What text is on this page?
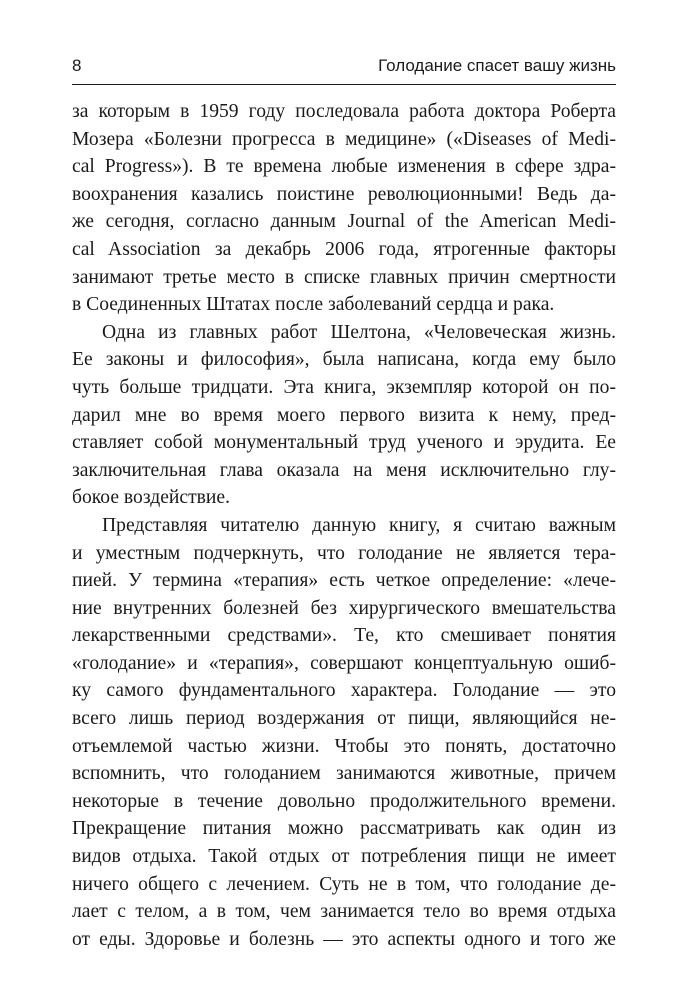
8	Голодание спасет вашу жизнь
за которым в 1959 году последовала работа доктора Роберта
Мозера «Болезни прогресса в медицине» («Diseases of Medi-
cal Progress»). В те времена любые изменения в сфере здра-
воохранения казались поистине революционными! Ведь да-
же сегодня, согласно данным Journal of the American Medi-
cal Association за декабрь 2006 года, ятрогенные факторы
занимают третье место в списке главных причин смертности
в Соединенных Штатах после заболеваний сердца и рака.
Одна из главных работ Шелтона, «Человеческая жизнь.
Ее законы и философия», была написана, когда ему было
чуть больше тридцати. Эта книга, экземпляр которой он по-
дарил мне во время моего первого визита к нему, пред-
ставляет собой монументальный труд ученого и эрудита. Ее
заключительная глава оказала на меня исключительно глу-
бокое воздействие.
Представляя читателю данную книгу, я считаю важным
и уместным подчеркнуть, что голодание не является тера-
пией. У термина «терапия» есть четкое определение: «лече-
ние внутренних болезней без хирургического вмешательства
лекарственными средствами». Те, кто смешивает понятия
«голодание» и «терапия», совершают концептуальную ошиб-
ку самого фундаментального характера. Голодание — это
всего лишь период воздержания от пищи, являющийся не-
отъемлемой частью жизни. Чтобы это понять, достаточно
вспомнить, что голоданием занимаются животные, причем
некоторые в течение довольно продолжительного времени.
Прекращение питания можно рассматривать как один из
видов отдыха. Такой отдых от потребления пищи не имеет
ничего общего с лечением. Суть не в том, что голодание де-
лает с телом, а в том, чем занимается тело во время отдыха
от еды. Здоровье и болезнь — это аспекты одного и того же
